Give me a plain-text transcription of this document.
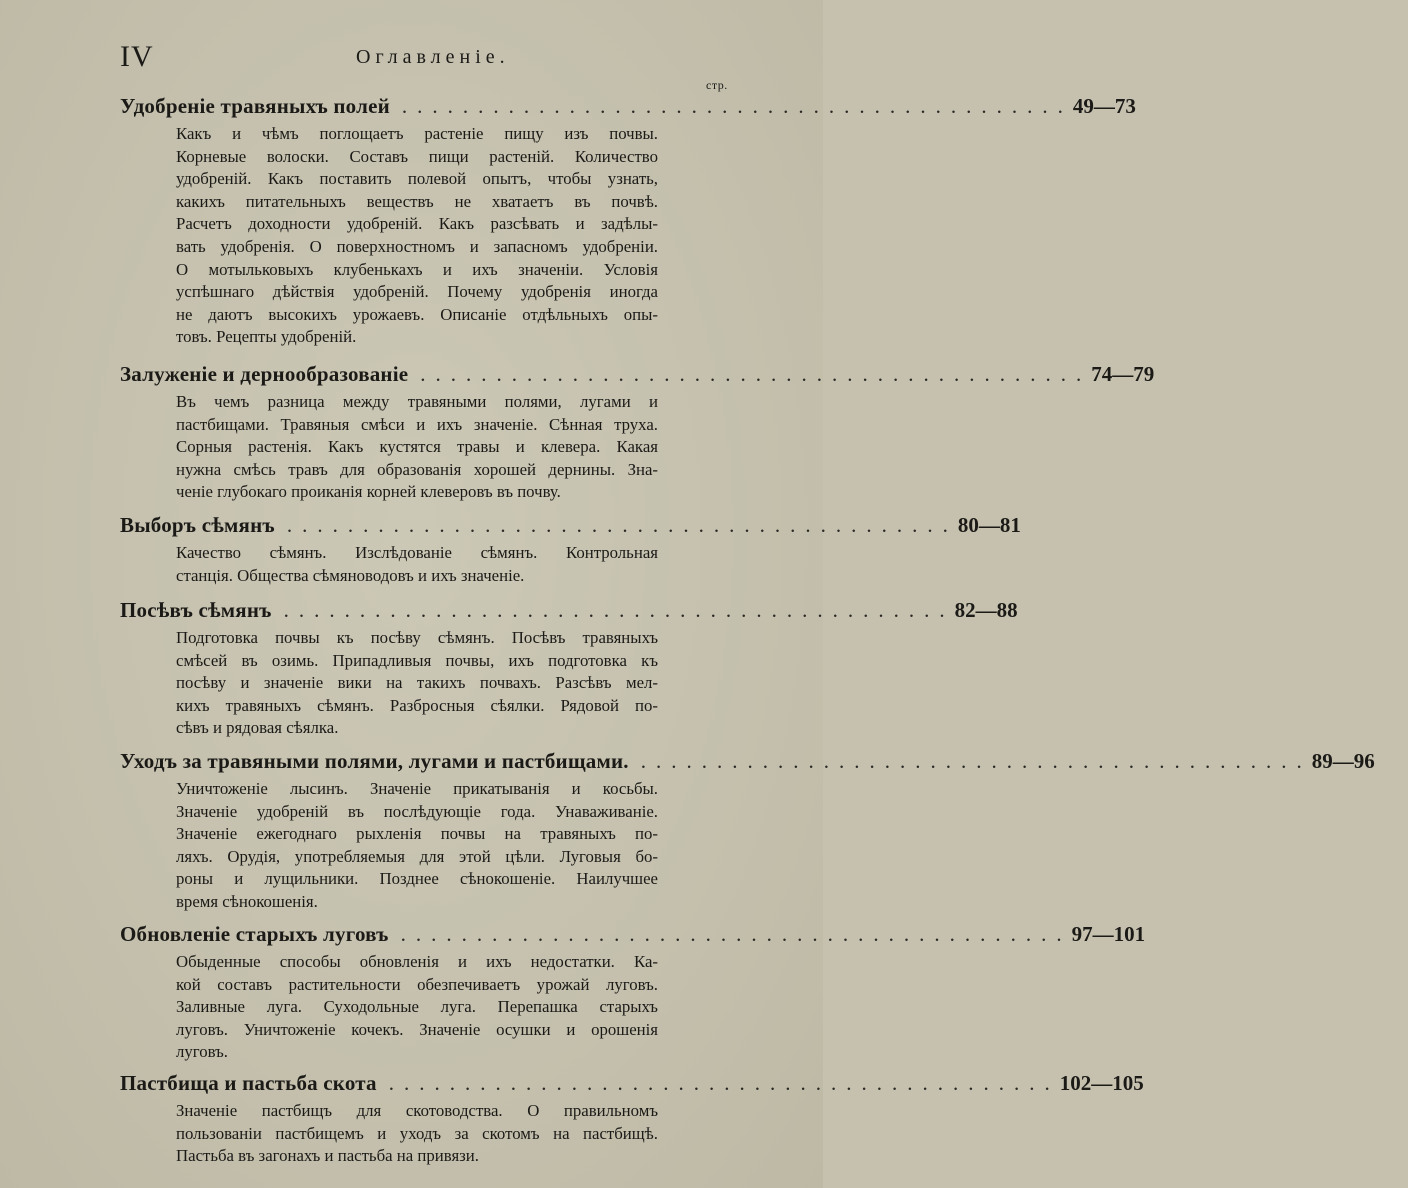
IV	Оглавленіе.
стр.
Удобреніе травяныхъ полей ............................................ 49—73
Какъ и чѣмъ поглощаетъ растеніе пищу изъ почвы.
Корневые волоски. Составъ пищи растеній. Количество
удобреній. Какъ поставить полевой опытъ, чтобы узнать,
какихъ питательныхъ веществъ не хватаетъ въ почвѣ.
Расчетъ доходности удобреній. Какъ разсѣвать и задѣлы-
вать удобренія. О поверхностномъ и запасномъ удобреніи.
О мотыльковыхъ клубенькахъ и ихъ значеніи. Условія
успѣшнаго дѣйствія удобреній. Почему удобренія иногда
не даютъ высокихъ урожаевъ. Описаніе отдѣльныхъ опы-
товъ. Рецепты удобреній.
Залуженіе и дернообразованіе ............................................ 74—79
Въ чемъ разница между травяными полями, лугами и
пастбищами. Травяныя смѣси и ихъ значеніе. Сѣнная труха.
Сорныя растенія. Какъ кустятся травы и клевера. Какая
нужна смѣсь травъ для образованія хорошей дернины. Зна-
ченіе глубокаго проиканія корней клеверовъ въ почву.
Выборъ сѣмянъ ............................................ 80—81
Качество сѣмянъ. Изслѣдованіе сѣмянъ. Контрольная
станція. Общества сѣмяноводовъ и ихъ значеніе.
Посѣвъ сѣмянъ ............................................ 82—88
Подготовка почвы къ посѣву сѣмянъ. Посѣвъ травяныхъ
смѣсей въ озимь. Припадливыя почвы, ихъ подготовка къ
посѣву и значеніе вики на такихъ почвахъ. Разсѣвъ мел-
кихъ травяныхъ сѣмянъ. Разбросныя сѣялки. Рядовой по-
сѣвъ и рядовая сѣялка.
Уходъ за травяными полями, лугами и пастбищами. ............................................ 89—96
Уничтоженіе лысинъ. Значеніе прикатыванія и косьбы.
Значеніе удобреній въ послѣдующіе года. Унаваживаніе.
Значеніе ежегоднаго рыхленія почвы на травяныхъ по-
ляхъ. Орудія, употребляемыя для этой цѣли. Луговыя бо-
роны и лущильники. Позднее сѣнокошеніе. Наилучшее
время сѣнокошенія.
Обновленіе старыхъ луговъ ............................................ 97—101
Обыденные способы обновленія и ихъ недостатки. Ка-
кой составъ растительности обезпечиваетъ урожай луговъ.
Заливные луга. Суходольные луга. Перепашка старыхъ
луговъ. Уничтоженіе кочекъ. Значеніе осушки и орошенія
луговъ.
Пастбища и пастьба скота ............................................ 102—105
Значеніе пастбищъ для скотоводства. О правильномъ
пользованіи пастбищемъ и уходъ за скотомъ на пастбищѣ.
Пастьба въ загонахъ и пастьба на привязи.
